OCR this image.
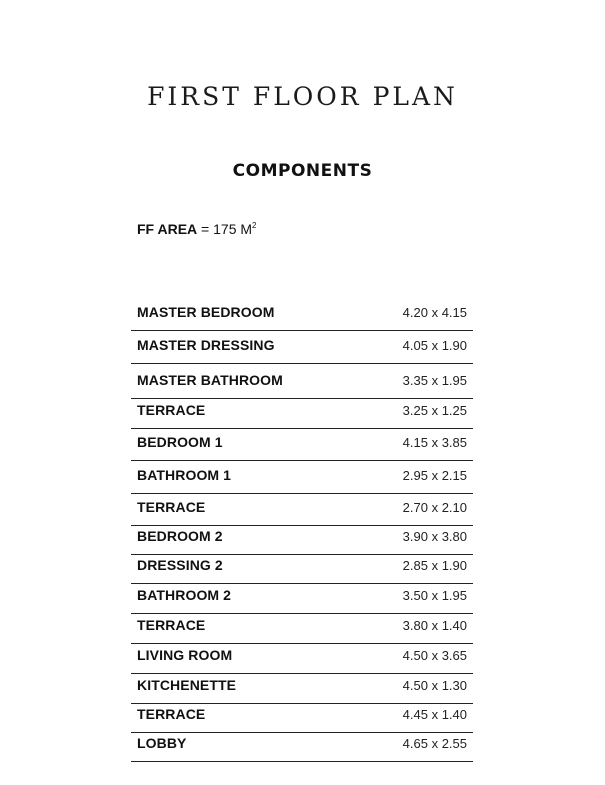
FIRST FLOOR PLAN
COMPONENTS
FF AREA = 175 $M^2$
MASTER BEDROOM	4.20 x 4.15
MASTER DRESSING	4.05 x 1.90
MASTER BATHROOM	3.35 x 1.95
TERRACE	3.25 x 1.25
BEDROOM 1	4.15 x 3.85
BATHROOM 1	2.95 x 2.15
TERRACE	2.70 x 2.10
BEDROOM 2	3.90 x 3.80
DRESSING 2	2.85 x 1.90
BATHROOM 2	3.50 x 1.95
TERRACE	3.80 x 1.40
LIVING ROOM	4.50 x 3.65
KITCHENETTE	4.50 x 1.30
TERRACE	4.45 x 1.40
LOBBY	4.65 x 2.55
